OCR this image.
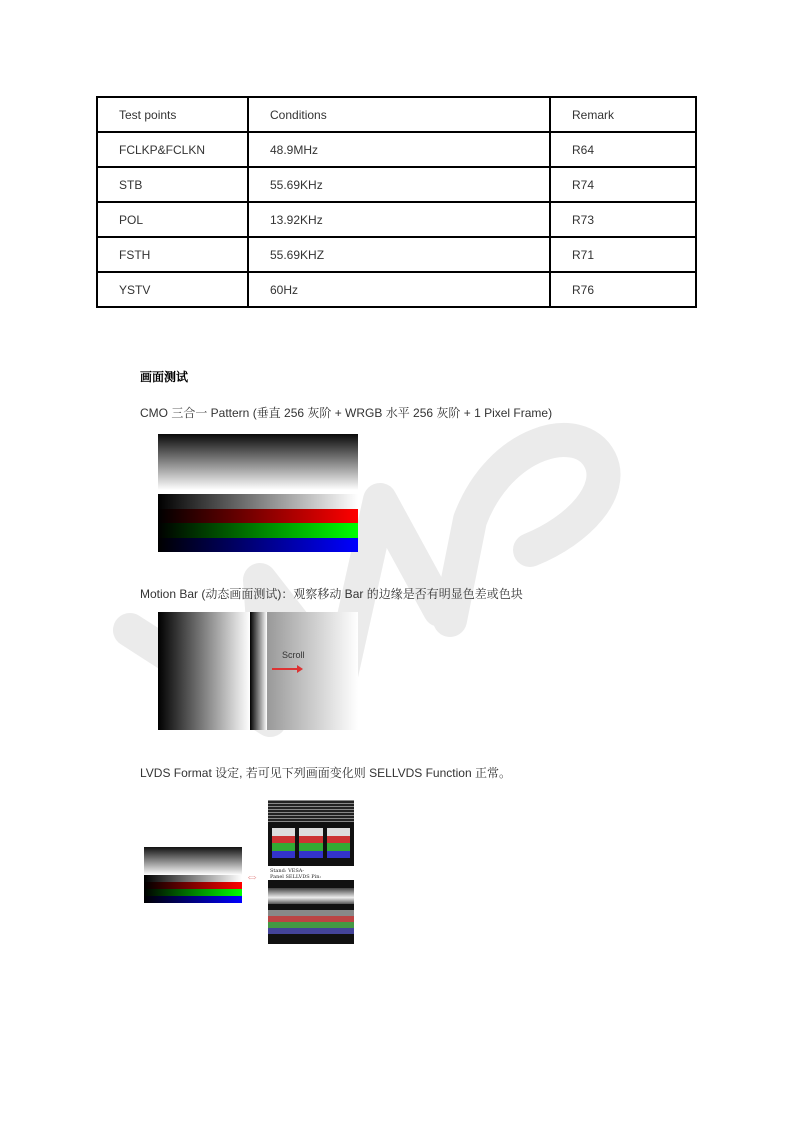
Test points	Conditions	Remark
FCLKP&FCLKN	48.9MHz	R64
STB	55.69KHz	R74
POL	13.92KHz	R73
FSTH	55.69KHZ	R71
YSTV	60Hz	R76
画面测试
CMO 三合一 Pattern (垂直 256 灰阶 + WRGB 水平 256 灰阶 + 1 Pixel Frame)
Motion Bar (动态画面测试)：观察移动 Bar 的边缘是否有明显色差或色块
Scroll
LVDS Format 设定, 若可见下列画面变化则 SELLVDS Function 正常。
⇔ Stand: VESA-
Panel SELLVDS Pin:
